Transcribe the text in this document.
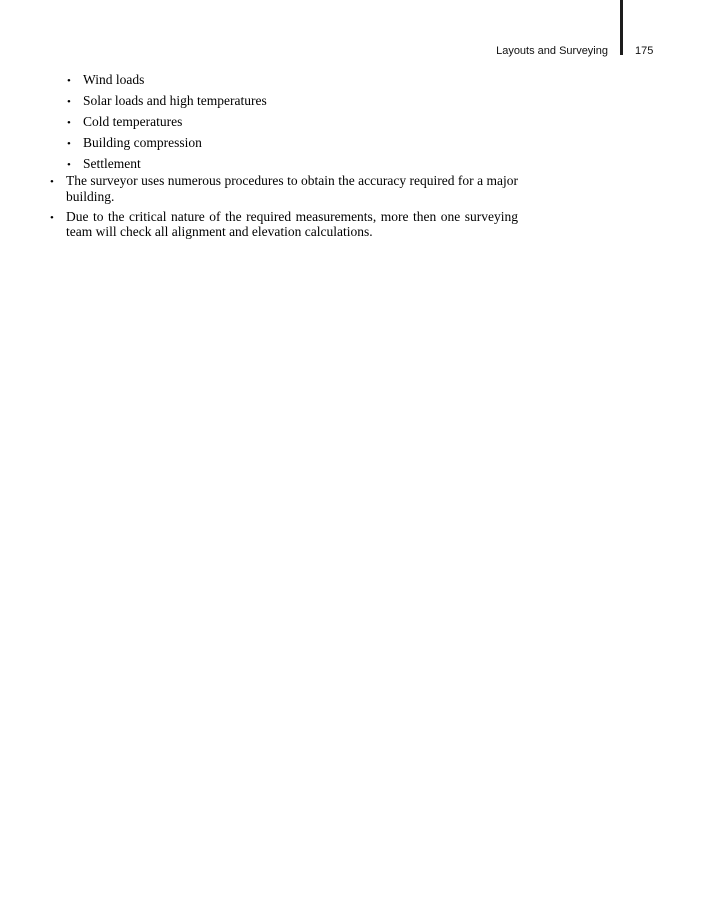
Layouts and Surveying 175
• Wind loads
• Solar loads and high temperatures
• Cold temperatures
• Building compression
• Settlement
• The surveyor uses numerous procedures to obtain the accuracy required for a major building.
• Due to the critical nature of the required measurements, more then one surveying team will check all alignment and elevation calculations.
